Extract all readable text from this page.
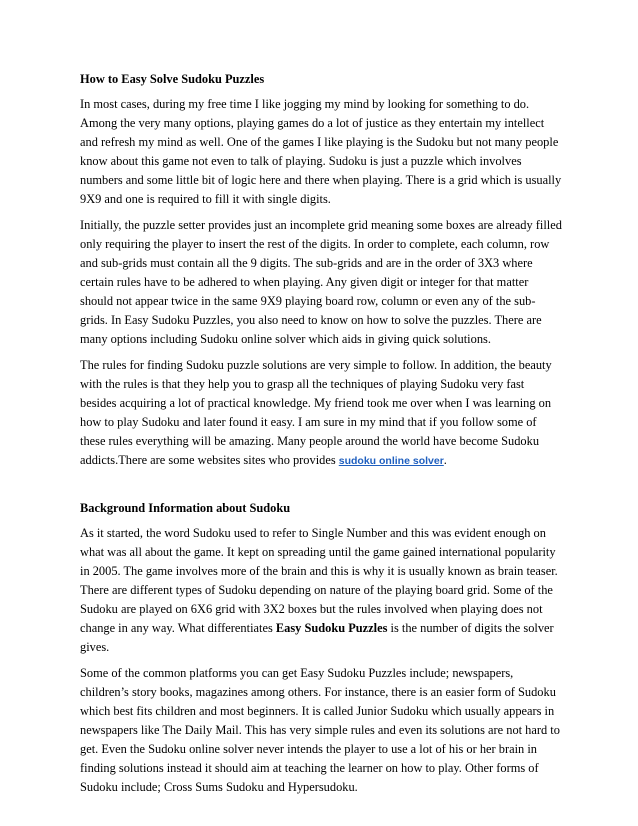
How to Easy Solve Sudoku Puzzles

In most cases, during my free time I like jogging my mind by looking for something to do. Among the very many options, playing games do a lot of justice as they entertain my intellect and refresh my mind as well. One of the games I like playing is the Sudoku but not many people know about this game not even to talk of playing. Sudoku is just a puzzle which involves numbers and some little bit of logic here and there when playing. There is a grid which is usually 9X9 and one is required to fill it with single digits.

Initially, the puzzle setter provides just an incomplete grid meaning some boxes are already filled only requiring the player to insert the rest of the digits. In order to complete, each column, row and sub-grids must contain all the 9 digits. The sub-grids and are in the order of 3X3 where certain rules have to be adhered to when playing. Any given digit or integer for that matter should not appear twice in the same 9X9 playing board row, column or even any of the sub-grids. In Easy Sudoku Puzzles, you also need to know on how to solve the puzzles. There are many options including Sudoku online solver which aids in giving quick solutions.

The rules for finding Sudoku puzzle solutions are very simple to follow. In addition, the beauty with the rules is that they help you to grasp all the techniques of playing Sudoku very fast besides acquiring a lot of practical knowledge. My friend took me over when I was learning on how to play Sudoku and later found it easy. I am sure in my mind that if you follow some of these rules everything will be amazing. Many people around the world have become Sudoku addicts.There are some websites sites who provides sudoku online solver.

Background Information about Sudoku

As it started, the word Sudoku used to refer to Single Number and this was evident enough on what was all about the game. It kept on spreading until the game gained international popularity in 2005. The game involves more of the brain and this is why it is usually known as brain teaser. There are different types of Sudoku depending on nature of the playing board grid. Some of the Sudoku are played on 6X6 grid with 3X2 boxes but the rules involved when playing does not change in any way. What differentiates Easy Sudoku Puzzles is the number of digits the solver gives.

Some of the common platforms you can get Easy Sudoku Puzzles include; newspapers, children’s story books, magazines among others. For instance, there is an easier form of Sudoku which best fits children and most beginners. It is called Junior Sudoku which usually appears in newspapers like The Daily Mail. This has very simple rules and even its solutions are not hard to get. Even the Sudoku online solver never intends the player to use a lot of his or her brain in finding solutions instead it should aim at teaching the learner on how to play. Other forms of Sudoku include; Cross Sums Sudoku and Hypersudoku.
